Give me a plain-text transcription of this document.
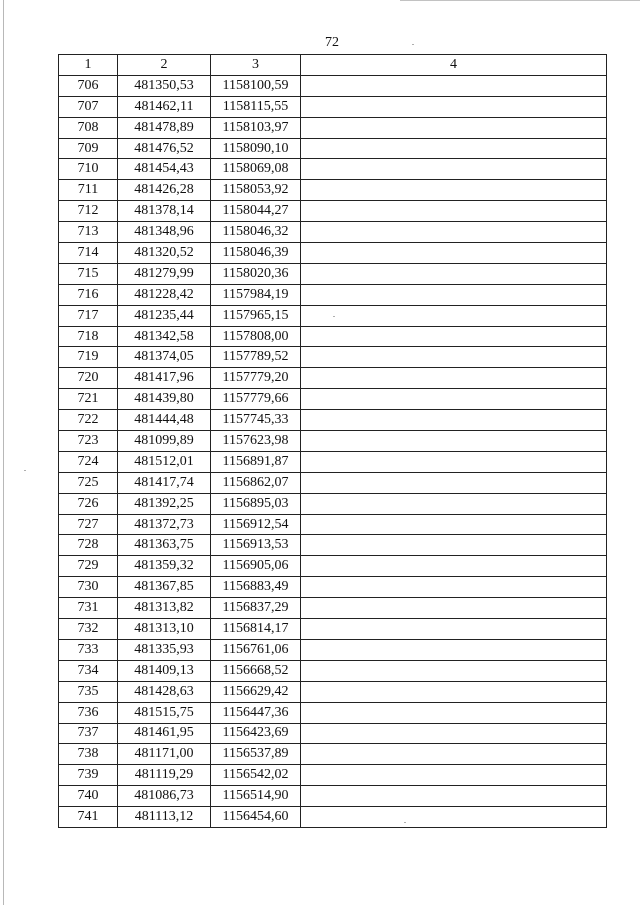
72
1	2	3	4
706	481350,53	1158100,59	
707	481462,11	1158115,55	
708	481478,89	1158103,97	
709	481476,52	1158090,10	
710	481454,43	1158069,08	
711	481426,28	1158053,92	
712	481378,14	1158044,27	
713	481348,96	1158046,32	
714	481320,52	1158046,39	
715	481279,99	1158020,36	
716	481228,42	1157984,19	
717	481235,44	1157965,15	
718	481342,58	1157808,00	
719	481374,05	1157789,52	
720	481417,96	1157779,20	
721	481439,80	1157779,66	
722	481444,48	1157745,33	
723	481099,89	1157623,98	
724	481512,01	1156891,87	
725	481417,74	1156862,07	
726	481392,25	1156895,03	
727	481372,73	1156912,54	
728	481363,75	1156913,53	
729	481359,32	1156905,06	
730	481367,85	1156883,49	
731	481313,82	1156837,29	
732	481313,10	1156814,17	
733	481335,93	1156761,06	
734	481409,13	1156668,52	
735	481428,63	1156629,42	
736	481515,75	1156447,36	
737	481461,95	1156423,69	
738	481171,00	1156537,89	
739	481119,29	1156542,02	
740	481086,73	1156514,90	
741	481113,12	1156454,60	
